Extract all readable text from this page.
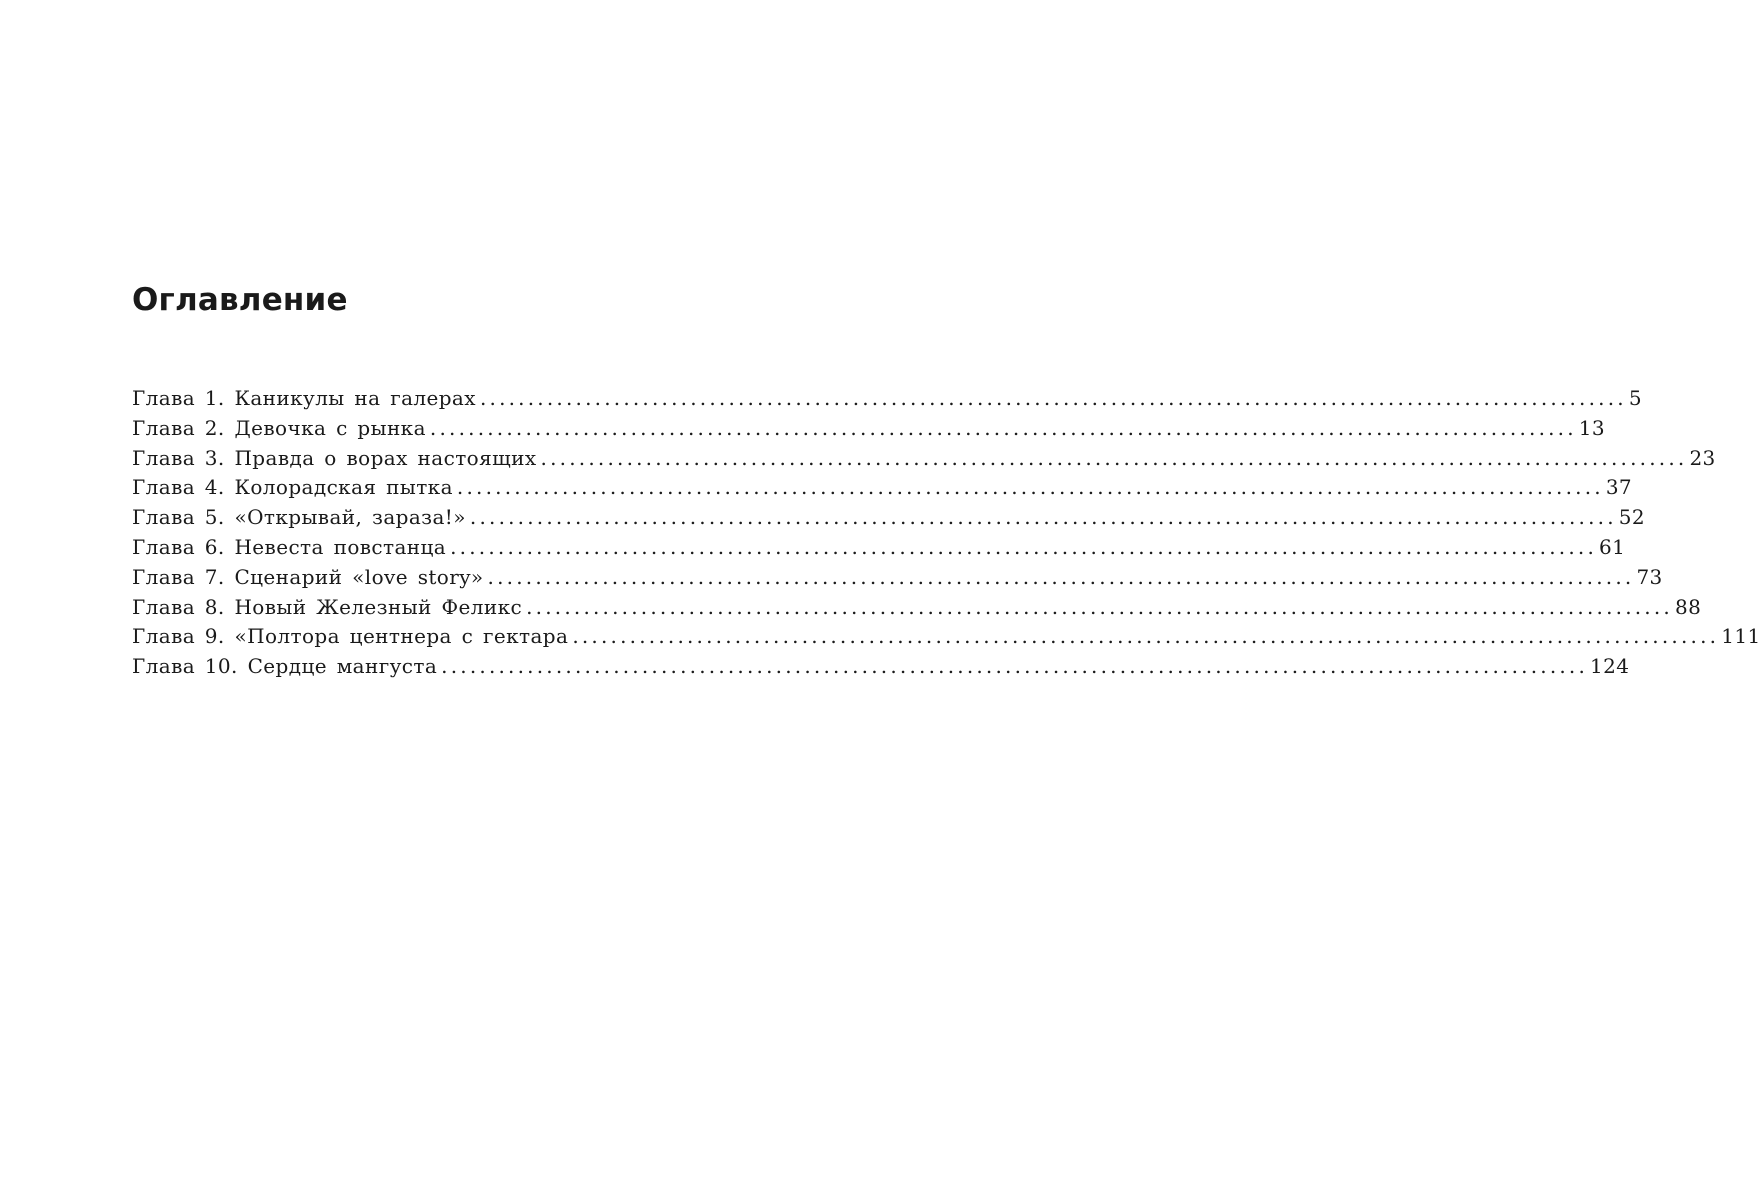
Оглавление
Глава 1.
Каникулы на галерах ........................................................................................................................ 5
Глава 2.
Девочка с рынка ........................................................................................................................ 13
Глава 3.
Правда о ворах настоящих ........................................................................................................................ 23
Глава 4.
Колорадская пытка ........................................................................................................................ 37
Глава 5.
«Открывай, зараза!» ........................................................................................................................ 52
Глава 6.
Невеста повстанца ........................................................................................................................ 61
Глава 7.
Сценарий «love story» ........................................................................................................................ 73
Глава 8.
Новый Железный Феликс ........................................................................................................................ 88
Глава 9.
«Полтора центнера с гектара ........................................................................................................................ 111
Глава 10.
Сердце мангуста ........................................................................................................................ 124
